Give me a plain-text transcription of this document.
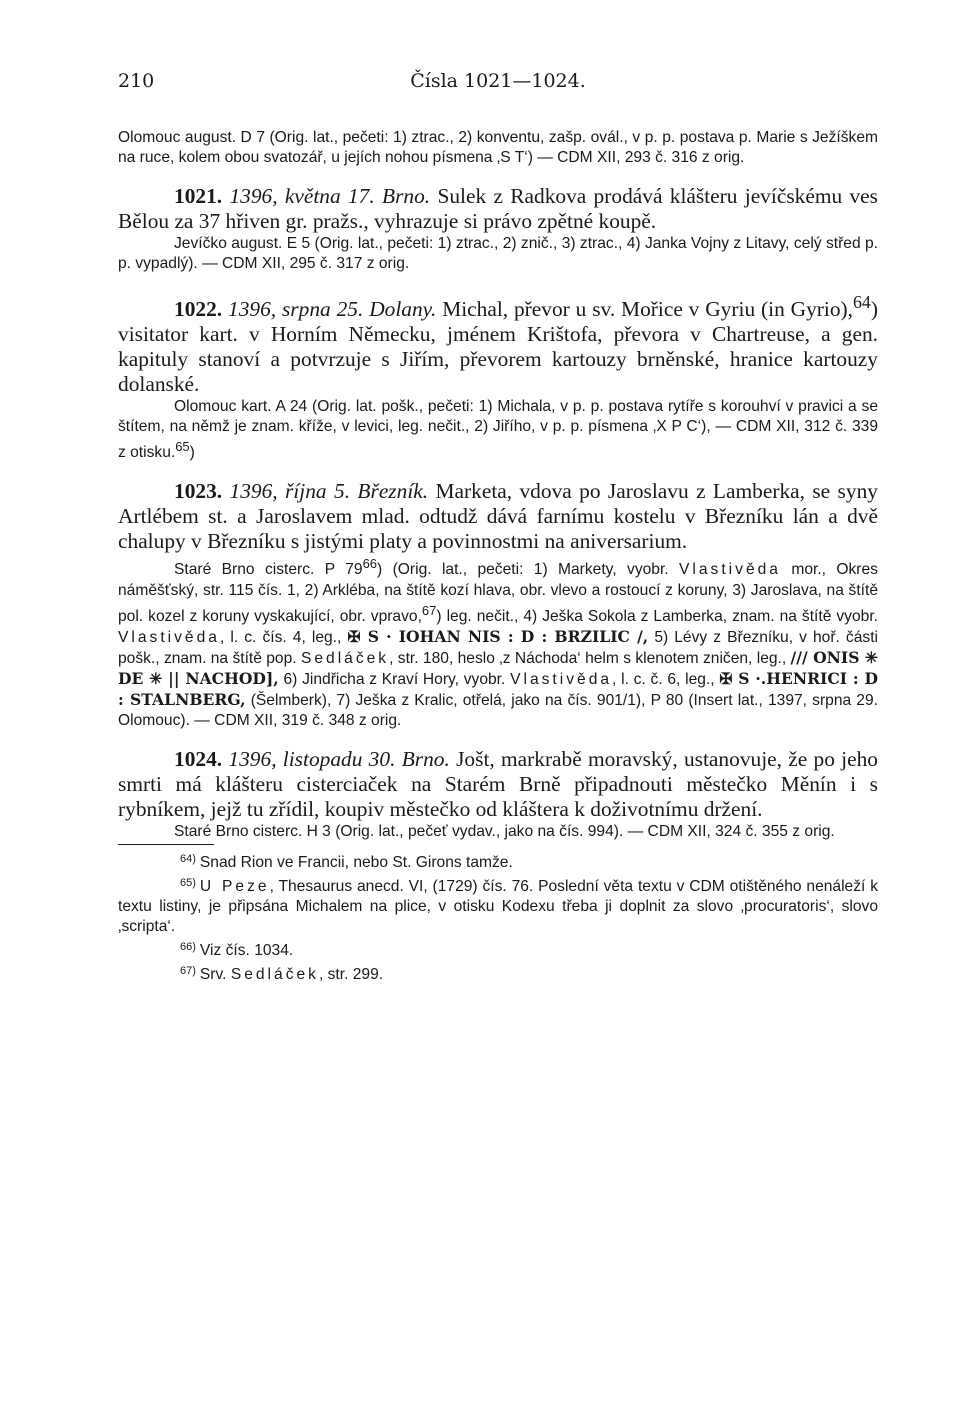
210	Čísla 1021—1024.

Olomouc august. D 7 (Orig. lat., pečeti: 1) ztrac., 2) konventu, zašp. ovál., v p. p. postava p. Marie s Ježíškem na ruce, kolem obou svatozář, u jejích nohou písmena ‚S T‘) — CDM XII, 293 č. 316 z orig.

1021. 1396, května 17. Brno. Sulek z Radkova prodává klášteru jevíčskému ves Bělou za 37 hřiven gr. pražs., vyhrazuje si právo zpětné koupě.

Jevíčko august. E 5 (Orig. lat., pečeti: 1) ztrac., 2) znič., 3) ztrac., 4) Janka Vojny z Litavy, celý střed p. p. vypadlý). — CDM XII, 295 č. 317 z orig.

1022. 1396, srpna 25. Dolany. Michal, převor u sv. Mořice v Gyriu (in Gyrio),$^{64}$) visitator kart. v Horním Německu, jménem Krištofa, převora v Chartreuse, a gen. kapituly stanoví a potvrzuje s Jiřím, převorem kartouzy brněnské, hranice kartouzy dolanské.

Olomouc kart. A 24 (Orig. lat. pošk., pečeti: 1) Michala, v p. p. postava rytíře s korouhví v pravici a se štítem, na němž je znam. kříže, v levici, leg. nečit., 2) Jiřího, v p. p. písmena ‚X P C‘), — CDM XII, 312 č. 339 z otisku.$^{65}$)

1023. 1396, října 5. Březník. Marketa, vdova po Jaroslavu z Lamberka, se syny Artlébem st. a Jaroslavem mlad. odtudž dává farnímu kostelu v Březníku lán a dvě chalupy v Březníku s jistými platy a povinnostmi na aniversarium.

Staré Brno cisterc. P $79^{66}$) (Orig. lat., pečeti: 1) Markety, vyobr. Vlastivěda mor., Okres náměšťský, str. 115 čís. 1, 2) Arkléba, na štítě kozí hlava, obr. vlevo a rostoucí z koruny, 3) Jaroslava, na štítě pol. kozel z koruny vyskakující, obr. vpravo,$^{67}$) leg. nečit., 4) Ješka Sokola z Lamberka, znam. na štítě vyobr. Vlastivěda, l. c. čís. 4, leg., ✠ S · IOHAN NIS : D : BRZILIC /, 5) Lévy z Březníku, v hoř. části pošk., znam. na štítě pop. Sedláček, str. 180, heslo ‚z Náchoda‘ helm s klenotem zničen, leg., /// ONIS ✳ DE ✳ || NACHOD], 6) Jindřicha z Kraví Hory, vyobr. Vlastivěda, l. c. č. 6, leg., ✠ S ·.HENRICI : D : STALNBERG, (Šelmberk), 7) Ješka z Kralic, otřelá, jako na čís. 901/1), P 80 (Insert lat., 1397, srpna 29. Olomouc). — CDM XII, 319 č. 348 z orig.

1024. 1396, listopadu 30. Brno. Jošt, markrabě moravský, ustanovuje, že po jeho smrti má klášteru cisterciaček na Starém Brně připadnouti městečko Měnín i s rybníkem, jejž tu zřídil, koupiv městečko od kláštera k doživotnímu držení.

Staré Brno cisterc. H 3 (Orig. lat., pečeť vydav., jako na čís. 994). — CDM XII, 324 č. 355 z orig.

$^{64)}$ Snad Rion ve Francii, nebo St. Girons tamže.

$^{65)}$ U Peze, Thesaurus anecd. VI, (1729) čís. 76. Poslední věta textu v CDM otištěného nenáleží k textu listiny, je připsána Michalem na plice, v otisku Kodexu třeba ji doplnit za slovo ‚procuratoris‘, slovo ‚scripta‘.

$^{66)}$ Viz čís. 1034.

$^{67)}$ Srv. Sedláček, str. 299.
